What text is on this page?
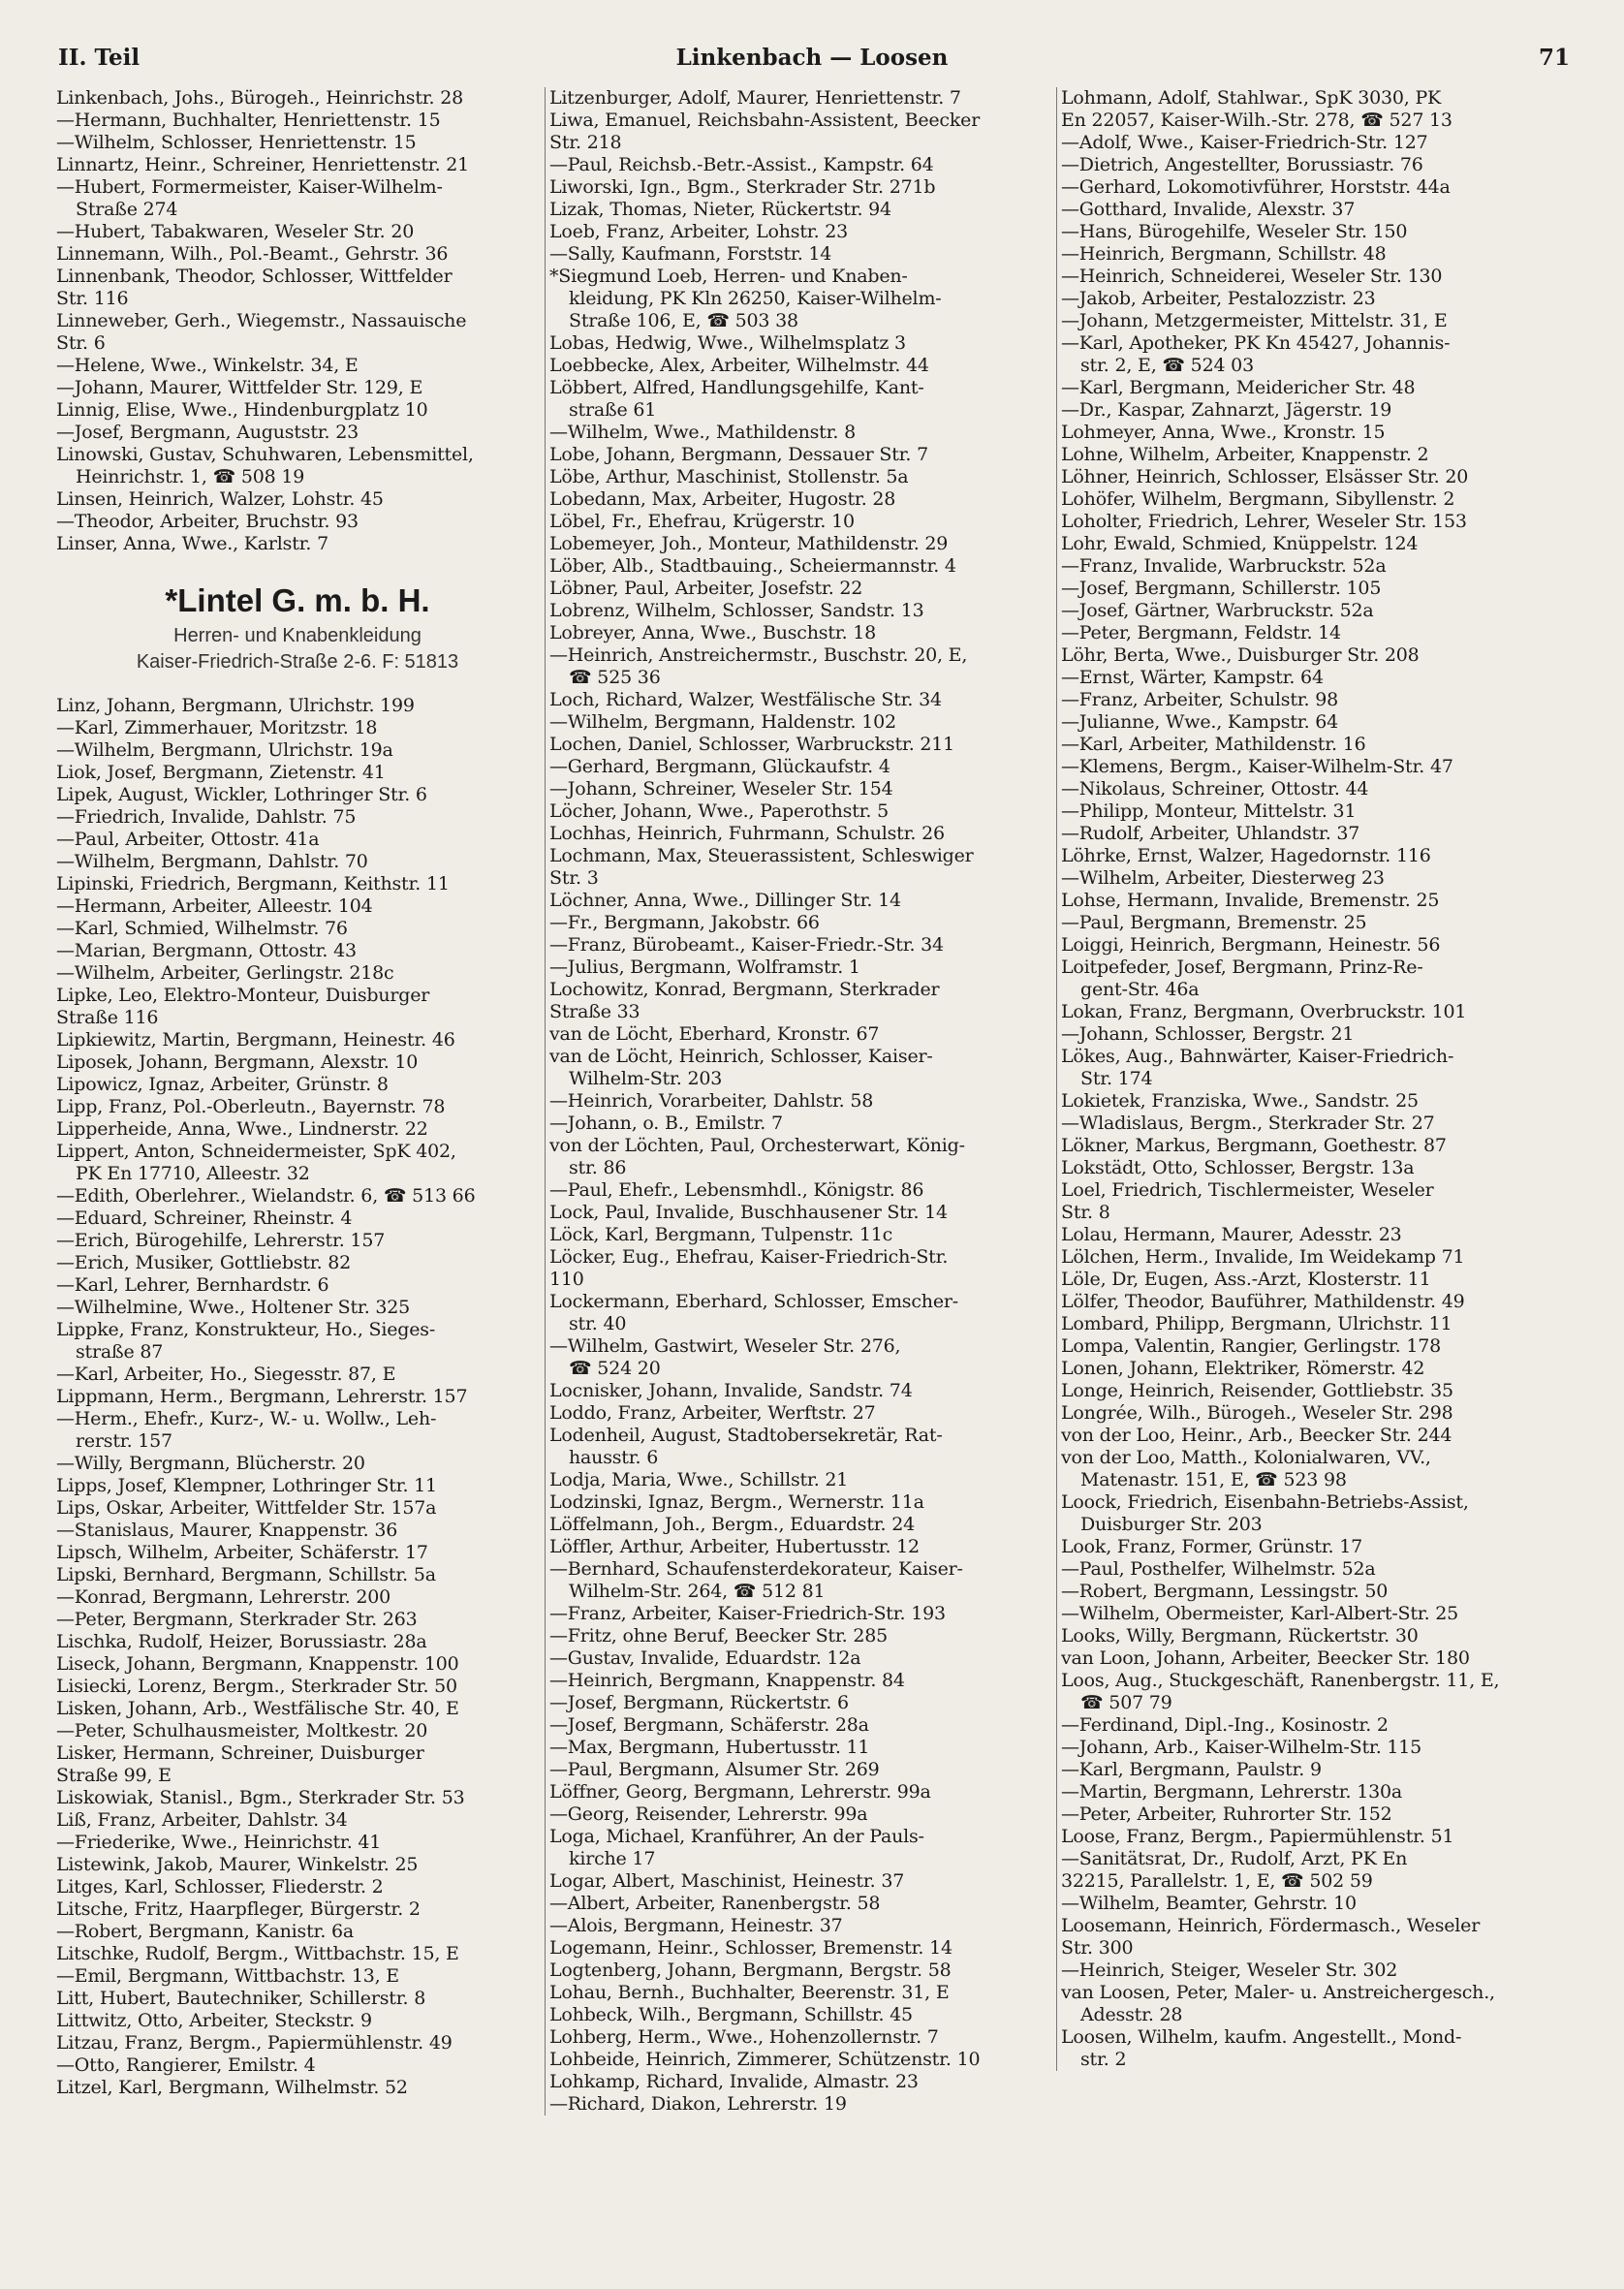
II. Teil	Linkenbach — Loosen	71
Linkenbach, Johs., Bürogeh., Heinrichstr. 28
—Hermann, Buchhalter, Henriettenstr. 15
—Wilhelm, Schlosser, Henriettenstr. 15
Linnartz, Heinr., Schreiner, Henriettenstr. 21
—Hubert, Formermeister, Kaiser-Wilhelm-
Straße 274
—Hubert, Tabakwaren, Weseler Str. 20
Linnemann, Wilh., Pol.-Beamt., Gehrstr. 36
Linnenbank, Theodor, Schlosser, Wittfelder
Str. 116
Linneweber, Gerh., Wiegemstr., Nassauische
Str. 6
—Helene, Wwe., Winkelstr. 34, E
—Johann, Maurer, Wittfelder Str. 129, E
Linnig, Elise, Wwe., Hindenburgplatz 10
—Josef, Bergmann, Auguststr. 23
Linowski, Gustav, Schuhwaren, Lebensmittel,
Heinrichstr. 1, ☎ 508 19
Linsen, Heinrich, Walzer, Lohstr. 45
—Theodor, Arbeiter, Bruchstr. 93
Linser, Anna, Wwe., Karlstr. 7
*Lintel G. m. b. H.
Herren- und Knabenkleidung
Kaiser-Friedrich-Straße 2-6. F: 51813
Linz, Johann, Bergmann, Ulrichstr. 199
—Karl, Zimmerhauer, Moritzstr. 18
—Wilhelm, Bergmann, Ulrichstr. 19a
Liok, Josef, Bergmann, Zietenstr. 41
Lipek, August, Wickler, Lothringer Str. 6
—Friedrich, Invalide, Dahlstr. 75
—Paul, Arbeiter, Ottostr. 41a
—Wilhelm, Bergmann, Dahlstr. 70
Lipinski, Friedrich, Bergmann, Keithstr. 11
—Hermann, Arbeiter, Alleestr. 104
—Karl, Schmied, Wilhelmstr. 76
—Marian, Bergmann, Ottostr. 43
—Wilhelm, Arbeiter, Gerlingstr. 218c
Lipke, Leo, Elektro-Monteur, Duisburger
Straße 116
Lipkiewitz, Martin, Bergmann, Heinestr. 46
Liposek, Johann, Bergmann, Alexstr. 10
Lipowicz, Ignaz, Arbeiter, Grünstr. 8
Lipp, Franz, Pol.-Oberleutn., Bayernstr. 78
Lipperheide, Anna, Wwe., Lindnerstr. 22
Lippert, Anton, Schneidermeister, SpK 402,
PK En 17710, Alleestr. 32
—Edith, Oberlehrer., Wielandstr. 6, ☎ 513 66
—Eduard, Schreiner, Rheinstr. 4
—Erich, Bürogehilfe, Lehrerstr. 157
—Erich, Musiker, Gottliebstr. 82
—Karl, Lehrer, Bernhardstr. 6
—Wilhelmine, Wwe., Holtener Str. 325
Lippke, Franz, Konstrukteur, Ho., Sieges-
straße 87
—Karl, Arbeiter, Ho., Siegesstr. 87, E
Lippmann, Herm., Bergmann, Lehrerstr. 157
—Herm., Ehefr., Kurz-, W.- u. Wollw., Leh-
rerstr. 157
—Willy, Bergmann, Blücherstr. 20
Lipps, Josef, Klempner, Lothringer Str. 11
Lips, Oskar, Arbeiter, Wittfelder Str. 157a
—Stanislaus, Maurer, Knappenstr. 36
Lipsch, Wilhelm, Arbeiter, Schäferstr. 17
Lipski, Bernhard, Bergmann, Schillstr. 5a
—Konrad, Bergmann, Lehrerstr. 200
—Peter, Bergmann, Sterkrader Str. 263
Lischka, Rudolf, Heizer, Borussiastr. 28a
Liseck, Johann, Bergmann, Knappenstr. 100
Lisiecki, Lorenz, Bergm., Sterkrader Str. 50
Lisken, Johann, Arb., Westfälische Str. 40, E
—Peter, Schulhausmeister, Moltkestr. 20
Lisker, Hermann, Schreiner, Duisburger
Straße 99, E
Liskowiak, Stanisl., Bgm., Sterkrader Str. 53
Liß, Franz, Arbeiter, Dahlstr. 34
—Friederike, Wwe., Heinrichstr. 41
Listewink, Jakob, Maurer, Winkelstr. 25
Litges, Karl, Schlosser, Fliederstr. 2
Litsche, Fritz, Haarpfleger, Bürgerstr. 2
—Robert, Bergmann, Kanistr. 6a
Litschke, Rudolf, Bergm., Wittbachstr. 15, E
—Emil, Bergmann, Wittbachstr. 13, E
Litt, Hubert, Bautechniker, Schillerstr. 8
Littwitz, Otto, Arbeiter, Steckstr. 9
Litzau, Franz, Bergm., Papiermühlenstr. 49
—Otto, Rangierer, Emilstr. 4
Litzel, Karl, Bergmann, Wilhelmstr. 52
Litzenburger, Adolf, Maurer, Henriettenstr. 7
Liwa, Emanuel, Reichsbahn-Assistent, Beecker
Str. 218
—Paul, Reichsb.-Betr.-Assist., Kampstr. 64
Liworski, Ign., Bgm., Sterkrader Str. 271b
Lizak, Thomas, Nieter, Rückertstr. 94
Loeb, Franz, Arbeiter, Lohstr. 23
—Sally, Kaufmann, Forststr. 14
*Siegmund Loeb, Herren- und Knaben-
kleidung, PK Kln 26250, Kaiser-Wilhelm-
Straße 106, E, ☎ 503 38
Lobas, Hedwig, Wwe., Wilhelmsplatz 3
Loebbecke, Alex, Arbeiter, Wilhelmstr. 44
Löbbert, Alfred, Handlungsgehilfe, Kant-
straße 61
—Wilhelm, Wwe., Mathildenstr. 8
Lobe, Johann, Bergmann, Dessauer Str. 7
Löbe, Arthur, Maschinist, Stollenstr. 5a
Lobedann, Max, Arbeiter, Hugostr. 28
Löbel, Fr., Ehefrau, Krügerstr. 10
Lobemeyer, Joh., Monteur, Mathildenstr. 29
Löber, Alb., Stadtbauing., Scheiermannstr. 4
Löbner, Paul, Arbeiter, Josefstr. 22
Lobrenz, Wilhelm, Schlosser, Sandstr. 13
Lobreyer, Anna, Wwe., Buschstr. 18
—Heinrich, Anstreichermstr., Buschstr. 20, E,
☎ 525 36
Loch, Richard, Walzer, Westfälische Str. 34
—Wilhelm, Bergmann, Haldenstr. 102
Lochen, Daniel, Schlosser, Warbruckstr. 211
—Gerhard, Bergmann, Glückaufstr. 4
—Johann, Schreiner, Weseler Str. 154
Löcher, Johann, Wwe., Paperothstr. 5
Lochhas, Heinrich, Fuhrmann, Schulstr. 26
Lochmann, Max, Steuerassistent, Schleswiger
Str. 3
Löchner, Anna, Wwe., Dillinger Str. 14
—Fr., Bergmann, Jakobstr. 66
—Franz, Bürobeamt., Kaiser-Friedr.-Str. 34
—Julius, Bergmann, Wolframstr. 1
Lochowitz, Konrad, Bergmann, Sterkrader
Straße 33
van de Löcht, Eberhard, Kronstr. 67
van de Löcht, Heinrich, Schlosser, Kaiser-
Wilhelm-Str. 203
—Heinrich, Vorarbeiter, Dahlstr. 58
—Johann, o. B., Emilstr. 7
von der Löchten, Paul, Orchesterwart, König-
str. 86
—Paul, Ehefr., Lebensmhdl., Königstr. 86
Lock, Paul, Invalide, Buschhausener Str. 14
Löck, Karl, Bergmann, Tulpenstr. 11c
Löcker, Eug., Ehefrau, Kaiser-Friedrich-Str.
110
Lockermann, Eberhard, Schlosser, Emscher-
str. 40
—Wilhelm, Gastwirt, Weseler Str. 276,
☎ 524 20
Locnisker, Johann, Invalide, Sandstr. 74
Loddo, Franz, Arbeiter, Werftstr. 27
Lodenheil, August, Stadtobersekretär, Rat-
hausstr. 6
Lodja, Maria, Wwe., Schillstr. 21
Lodzinski, Ignaz, Bergm., Wernerstr. 11a
Löffelmann, Joh., Bergm., Eduardstr. 24
Löffler, Arthur, Arbeiter, Hubertusstr. 12
—Bernhard, Schaufensterdekorateur, Kaiser-
Wilhelm-Str. 264, ☎ 512 81
—Franz, Arbeiter, Kaiser-Friedrich-Str. 193
—Fritz, ohne Beruf, Beecker Str. 285
—Gustav, Invalide, Eduardstr. 12a
—Heinrich, Bergmann, Knappenstr. 84
—Josef, Bergmann, Rückertstr. 6
—Josef, Bergmann, Schäferstr. 28a
—Max, Bergmann, Hubertusstr. 11
—Paul, Bergmann, Alsumer Str. 269
Löffner, Georg, Bergmann, Lehrerstr. 99a
—Georg, Reisender, Lehrerstr. 99a
Loga, Michael, Kranführer, An der Pauls-
kirche 17
Logar, Albert, Maschinist, Heinestr. 37
—Albert, Arbeiter, Ranenbergstr. 58
—Alois, Bergmann, Heinestr. 37
Logemann, Heinr., Schlosser, Bremenstr. 14
Logtenberg, Johann, Bergmann, Bergstr. 58
Lohau, Bernh., Buchhalter, Beerenstr. 31, E
Lohbeck, Wilh., Bergmann, Schillstr. 45
Lohberg, Herm., Wwe., Hohenzollernstr. 7
Lohbeide, Heinrich, Zimmerer, Schützenstr. 10
Lohkamp, Richard, Invalide, Almastr. 23
—Richard, Diakon, Lehrerstr. 19
Lohmann, Adolf, Stahlwar., SpK 3030, PK
En 22057, Kaiser-Wilh.-Str. 278, ☎ 527 13
—Adolf, Wwe., Kaiser-Friedrich-Str. 127
—Dietrich, Angestellter, Borussiastr. 76
—Gerhard, Lokomotivführer, Horststr. 44a
—Gotthard, Invalide, Alexstr. 37
—Hans, Bürogehilfe, Weseler Str. 150
—Heinrich, Bergmann, Schillstr. 48
—Heinrich, Schneiderei, Weseler Str. 130
—Jakob, Arbeiter, Pestalozzistr. 23
—Johann, Metzgermeister, Mittelstr. 31, E
—Karl, Apotheker, PK Kn 45427, Johannis-
str. 2, E, ☎ 524 03
—Karl, Bergmann, Meidericher Str. 48
—Dr., Kaspar, Zahnarzt, Jägerstr. 19
Lohmeyer, Anna, Wwe., Kronstr. 15
Lohne, Wilhelm, Arbeiter, Knappenstr. 2
Löhner, Heinrich, Schlosser, Elsässer Str. 20
Lohöfer, Wilhelm, Bergmann, Sibyllenstr. 2
Loholter, Friedrich, Lehrer, Weseler Str. 153
Lohr, Ewald, Schmied, Knüppelstr. 124
—Franz, Invalide, Warbruckstr. 52a
—Josef, Bergmann, Schillerstr. 105
—Josef, Gärtner, Warbruckstr. 52a
—Peter, Bergmann, Feldstr. 14
Löhr, Berta, Wwe., Duisburger Str. 208
—Ernst, Wärter, Kampstr. 64
—Franz, Arbeiter, Schulstr. 98
—Julianne, Wwe., Kampstr. 64
—Karl, Arbeiter, Mathildenstr. 16
—Klemens, Bergm., Kaiser-Wilhelm-Str. 47
—Nikolaus, Schreiner, Ottostr. 44
—Philipp, Monteur, Mittelstr. 31
—Rudolf, Arbeiter, Uhlandstr. 37
Löhrke, Ernst, Walzer, Hagedornstr. 116
—Wilhelm, Arbeiter, Diesterweg 23
Lohse, Hermann, Invalide, Bremenstr. 25
—Paul, Bergmann, Bremenstr. 25
Loiggi, Heinrich, Bergmann, Heinestr. 56
Loitpefeder, Josef, Bergmann, Prinz-Re-
gent-Str. 46a
Lokan, Franz, Bergmann, Overbruckstr. 101
—Johann, Schlosser, Bergstr. 21
Lökes, Aug., Bahnwärter, Kaiser-Friedrich-
Str. 174
Lokietek, Franziska, Wwe., Sandstr. 25
—Wladislaus, Bergm., Sterkrader Str. 27
Lökner, Markus, Bergmann, Goethestr. 87
Lokstädt, Otto, Schlosser, Bergstr. 13a
Loel, Friedrich, Tischlermeister, Weseler
Str. 8
Lolau, Hermann, Maurer, Adesstr. 23
Lölchen, Herm., Invalide, Im Weidekamp 71
Löle, Dr, Eugen, Ass.-Arzt, Klosterstr. 11
Lölfer, Theodor, Bauführer, Mathildenstr. 49
Lombard, Philipp, Bergmann, Ulrichstr. 11
Lompa, Valentin, Rangier, Gerlingstr. 178
Lonen, Johann, Elektriker, Römerstr. 42
Longe, Heinrich, Reisender, Gottliebstr. 35
Longrée, Wilh., Bürogeh., Weseler Str. 298
von der Loo, Heinr., Arb., Beecker Str. 244
von der Loo, Matth., Kolonialwaren, VV.,
Matenastr. 151, E, ☎ 523 98
Loock, Friedrich, Eisenbahn-Betriebs-Assist,
Duisburger Str. 203
Look, Franz, Former, Grünstr. 17
—Paul, Posthelfer, Wilhelmstr. 52a
—Robert, Bergmann, Lessingstr. 50
—Wilhelm, Obermeister, Karl-Albert-Str. 25
Looks, Willy, Bergmann, Rückertstr. 30
van Loon, Johann, Arbeiter, Beecker Str. 180
Loos, Aug., Stuckgeschäft, Ranenbergstr. 11, E,
☎ 507 79
—Ferdinand, Dipl.-Ing., Kosinostr. 2
—Johann, Arb., Kaiser-Wilhelm-Str. 115
—Karl, Bergmann, Paulstr. 9
—Martin, Bergmann, Lehrerstr. 130a
—Peter, Arbeiter, Ruhrorter Str. 152
Loose, Franz, Bergm., Papiermühlenstr. 51
—Sanitätsrat, Dr., Rudolf, Arzt, PK En
32215, Parallelstr. 1, E, ☎ 502 59
—Wilhelm, Beamter, Gehrstr. 10
Loosemann, Heinrich, Fördermasch., Weseler
Str. 300
—Heinrich, Steiger, Weseler Str. 302
van Loosen, Peter, Maler- u. Anstreichergesch.,
Adesstr. 28
Loosen, Wilhelm, kaufm. Angestellt., Mond-
str. 2
